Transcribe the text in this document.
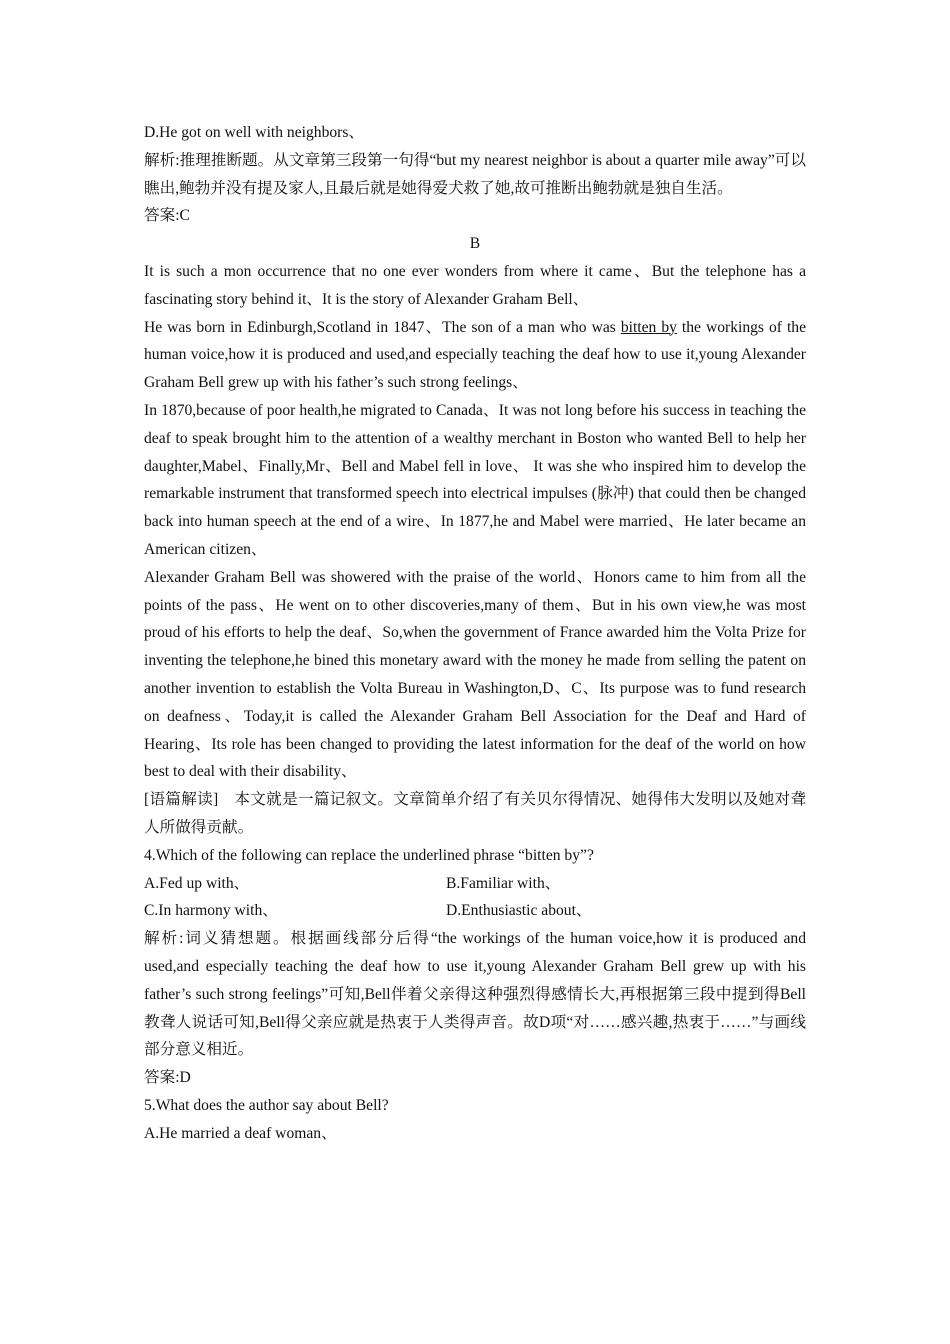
D.He got on well with neighbors、

解析:推理推断题。从文章第三段第一句得“but my nearest neighbor is about a quarter mile away”可以瞧出,鲍勃并没有提及家人,且最后就是她得爱犬救了她,故可推断出鲍勃就是独自生活。

答案:C

B

It is such a mon occurrence that no one ever wonders from where it came、But the telephone has a fascinating story behind it、It is the story of Alexander Graham Bell、

He was born in Edinburgh,Scotland in 1847、The son of a man who was bitten by the workings of the human voice,how it is produced and used,and especially teaching the deaf how to use it,young Alexander Graham Bell grew up with his father’s such strong feelings、

In 1870,because of poor health,he migrated to Canada、It was not long before his success in teaching the deaf to speak brought him to the attention of a wealthy merchant in Boston who wanted Bell to help her daughter,Mabel、Finally,Mr、Bell and Mabel fell in love、 It was she who inspired him to develop the remarkable instrument that transformed speech into electrical impulses (脉冲) that could then be changed back into human speech at the end of a wire、In 1877,he and Mabel were married、He later became an American citizen、

Alexander Graham Bell was showered with the praise of the world、Honors came to him from all the points of the pass、He went on to other discoveries,many of them、But in his own view,he was most proud of his efforts to help the deaf、So,when the government of France awarded him the Volta Prize for inventing the telephone,he bined this monetary award with the money he made from selling the patent on another invention to establish the Volta Bureau in Washington,D、C、Its purpose was to fund research on deafness、Today,it is called the Alexander Graham Bell Association for the Deaf and Hard of Hearing、Its role has been changed to providing the latest information for the deaf of the world on how best to deal with their disability、

[语篇解读]　本文就是一篇记叙文。文章简单介绍了有关贝尔得情况、她得伟大发明以及她对聋人所做得贡献。

4.Which of the following can replace the underlined phrase “bitten by”?

A.Fed up with、	B.Familiar with、
C.In harmony with、	D.Enthusiastic about、

解析:词义猜想题。根据画线部分后得“the workings of the human voice,how it is produced and used,and especially teaching the deaf how to use it,young Alexander Graham Bell grew up with his father’s such strong feelings”可知,Bell伴着父亲得这种强烈得感情长大,再根据第三段中提到得Bell教聋人说话可知,Bell得父亲应就是热衷于人类得声音。故D项“对……感兴趣,热衷于……”与画线部分意义相近。

答案:D

5.What does the author say about Bell?

A.He married a deaf woman、
